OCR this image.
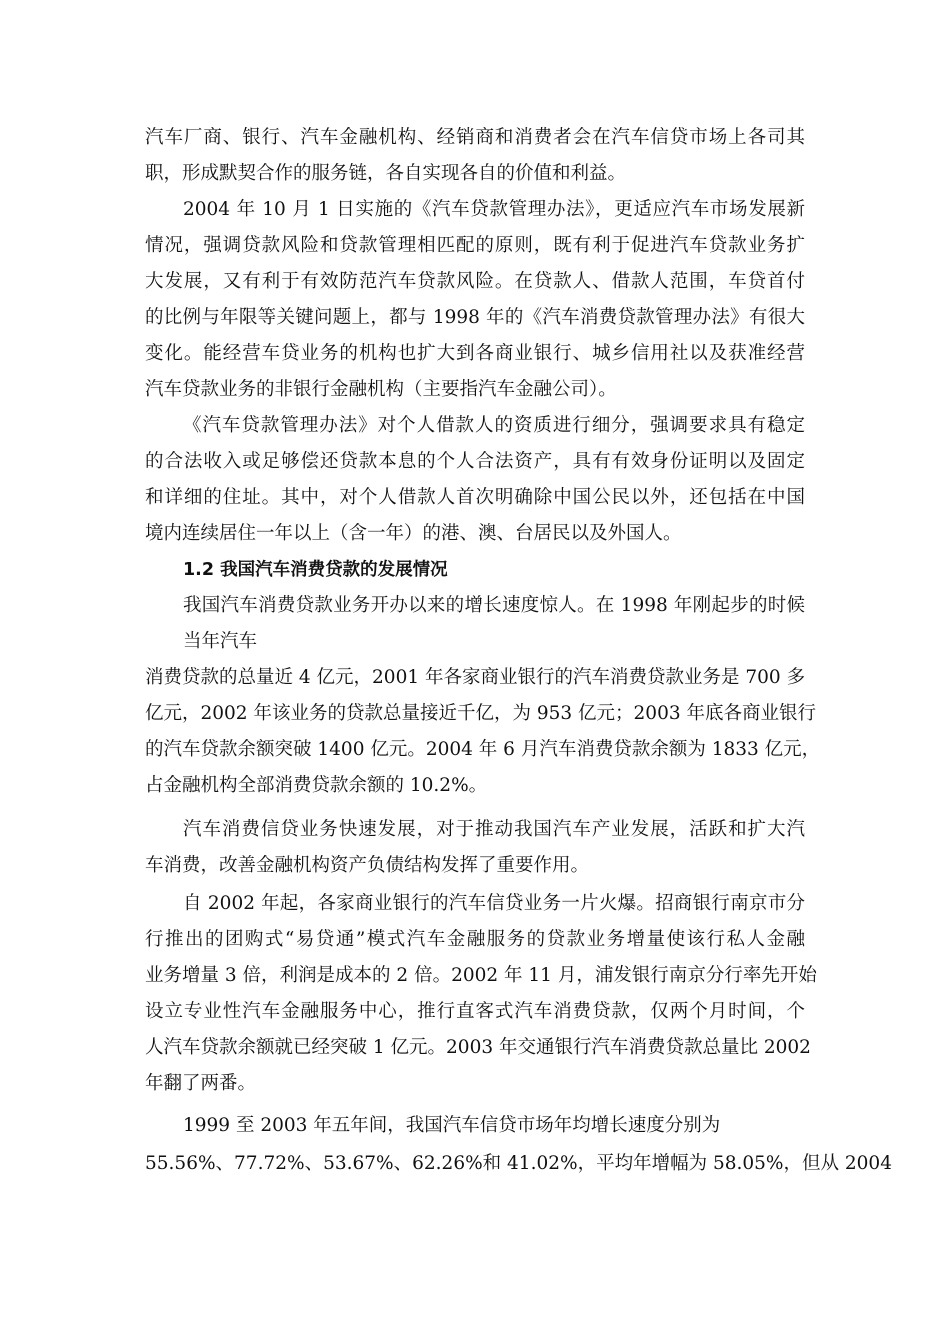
汽车厂商、银行、汽车金融机构、经销商和消费者会在汽车信贷市场上各司其
职，形成默契合作的服务链，各自实现各自的价值和利益。
2004 年 10 月 1 日实施的《汽车贷款管理办法》，更适应汽车市场发展新
情况，强调贷款风险和贷款管理相匹配的原则，既有利于促进汽车贷款业务扩
大发展，又有利于有效防范汽车贷款风险。在贷款人、借款人范围，车贷首付
的比例与年限等关键问题上，都与 1998 年的《汽车消费贷款管理办法》有很大
变化。能经营车贷业务的机构也扩大到各商业银行、城乡信用社以及获准经营
汽车贷款业务的非银行金融机构（主要指汽车金融公司）。
《汽车贷款管理办法》对个人借款人的资质进行细分，强调要求具有稳定
的合法收入或足够偿还贷款本息的个人合法资产，具有有效身份证明以及固定
和详细的住址。其中，对个人借款人首次明确除中国公民以外，还包括在中国
境内连续居住一年以上（含一年）的港、澳、台居民以及外国人。
1.2 我国汽车消费贷款的发展情况
我国汽车消费贷款业务开办以来的增长速度惊人。在 1998 年刚起步的时候
当年汽车
消费贷款的总量近 4 亿元，2001 年各家商业银行的汽车消费贷款业务是 700 多
亿元，2002 年该业务的贷款总量接近千亿，为 953 亿元；2003 年底各商业银行
的汽车贷款余额突破 1400 亿元。2004 年 6 月汽车消费贷款余额为 1833 亿元，
占金融机构全部消费贷款余额的 10.2%。
汽车消费信贷业务快速发展，对于推动我国汽车产业发展，活跃和扩大汽
车消费，改善金融机构资产负债结构发挥了重要作用。
自 2002 年起，各家商业银行的汽车信贷业务一片火爆。招商银行南京市分
行推出的团购式“易贷通”模式汽车金融服务的贷款业务增量使该行私人金融
业务增量 3 倍，利润是成本的 2 倍。2002 年 11 月，浦发银行南京分行率先开始
设立专业性汽车金融服务中心，推行直客式汽车消费贷款，仅两个月时间，个
人汽车贷款余额就已经突破 1 亿元。2003 年交通银行汽车消费贷款总量比 2002
年翻了两番。
1999 至 2003 年五年间，我国汽车信贷市场年均增长速度分别为
55.56%、77.72%、53.67%、62.26%和 41.02%，平均年增幅为 58.05%，但从 2004
